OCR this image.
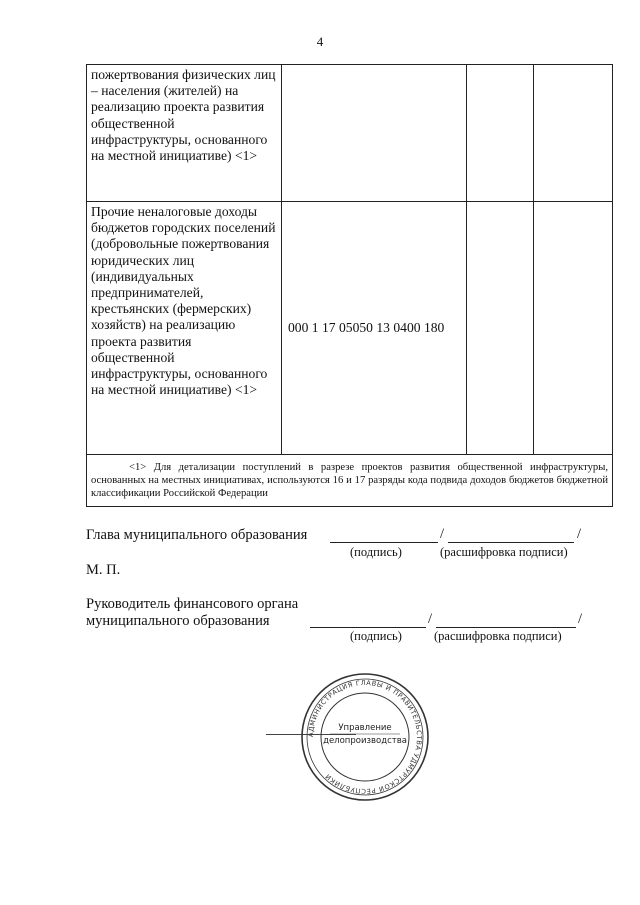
4
пожертвования физических лиц – населения (жителей) на реализацию проекта развития общественной инфраструктуры, основанного на местной инициативе) <1>			
Прочие неналоговые доходы бюджетов городских поселений (добровольные пожертвования юридических лиц (индивидуальных предпринимателей, крестьянских (фермерских) хозяйств) на реализацию проекта развития общественной инфраструктуры, основанного на местной инициативе) <1>	000 1 17 05050 13 0400 180		
<1> Для детализации поступлений в разрезе проектов развития общественной инфраструктуры, основанных на местных инициативах, используются 16 и 17 разряды кода подвида доходов бюджетов бюджетной классификации Российской Федерации			
Глава муниципального образования	/	/
(подпись)	(расшифровка подписи)
М. П.
Руководитель финансового органа
муниципального образования	/	/
(подпись)	(расшифровка подписи)
АДМИНИСТРАЦИЯ ГЛАВЫ И ПРАВИТЕЛЬСТВА УДМУРТСКОЙ РЕСПУБЛИКИ
Управление
делопроизводства
